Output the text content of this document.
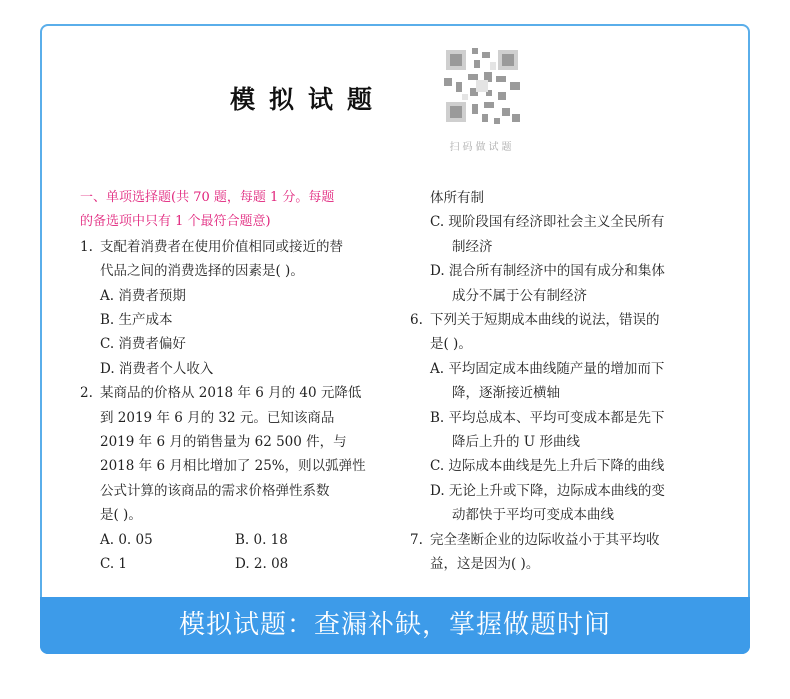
模拟试题
扫码做试题
一、单项选择题(共 70 题，每题 1 分。每题
的备选项中只有 1 个最符合题意)
1. 支配着消费者在使用价值相同或接近的替
代品之间的消费选择的因素是( )。
A. 消费者预期
B. 生产成本
C. 消费者偏好
D. 消费者个人收入
2. 某商品的价格从 2018 年 6 月的 40 元降低
到 2019 年 6 月的 32 元。已知该商品
2019 年 6 月的销售量为 62 500 件，与
2018 年 6 月相比增加了 25%，则以弧弹性
公式计算的该商品的需求价格弹性系数
是( )。
A. 0. 05	B. 0. 18
C. 1	D. 2. 08
体所有制
C. 现阶段国有经济即社会主义全民所有
制经济
D. 混合所有制经济中的国有成分和集体
成分不属于公有制经济
6. 下列关于短期成本曲线的说法，错误的
是( )。
A. 平均固定成本曲线随产量的增加而下
降，逐渐接近横轴
B. 平均总成本、平均可变成本都是先下
降后上升的 U 形曲线
C. 边际成本曲线是先上升后下降的曲线
D. 无论上升或下降，边际成本曲线的变
动都快于平均可变成本曲线
7. 完全垄断企业的边际收益小于其平均收
益，这是因为( )。
模拟试题：查漏补缺，掌握做题时间
